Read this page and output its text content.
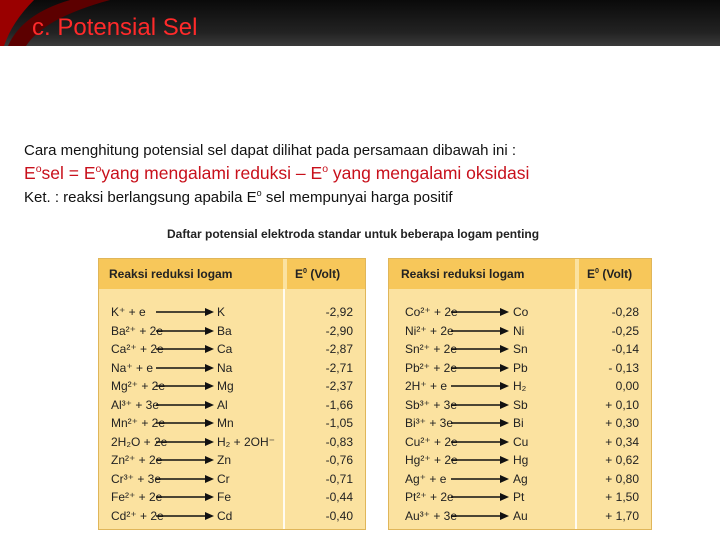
c. Potensial Sel
Cara menghitung potensial sel dapat dilihat pada persamaan dibawah ini :
$E^osel$ = $E^oyang$ mengalami reduksi – $E^o$ yang mengalami oksidasi
Ket. : reaksi berlangsung apabila $E^o$ sel mempunyai harga positif
Daftar potensial elektroda standar untuk beberapa logam penting
Reaksi reduksi logam	$E^0$ (Volt)
K⁺ + e	K	-2,92
Ba²⁺ + 2e	Ba	-2,90
Ca²⁺ + 2e	Ca	-2,87
Na⁺ + e	Na	-2,71
Mg²⁺ + 2e	Mg	-2,37
Al³⁺ + 3e	Al	-1,66
Mn²⁺ + 2e	Mn	-1,05
2H₂O + 2e	H₂ + 2OH⁻	-0,83
Zn²⁺ + 2e	Zn	-0,76
Cr³⁺ + 3e	Cr	-0,71
Fe²⁺ + 2e	Fe	-0,44
Cd²⁺ + 2e	Cd	-0,40
Reaksi reduksi logam	$E^0$ (Volt)
Co²⁺ + 2e	Co	-0,28
Ni²⁺ + 2e	Ni	-0,25
Sn²⁺ + 2e	Sn	-0,14
Pb²⁺ + 2e	Pb	- 0,13
2H⁺ + e	H₂	0,00
Sb³⁺ + 3e	Sb	+ 0,10
Bi³⁺ + 3e	Bi	+ 0,30
Cu²⁺ + 2e	Cu	+ 0,34
Hg²⁺ + 2e	Hg	+ 0,62
Ag⁺ + e	Ag	+ 0,80
Pt²⁺ + 2e	Pt	+ 1,50
Au³⁺ + 3e	Au	+ 1,70
